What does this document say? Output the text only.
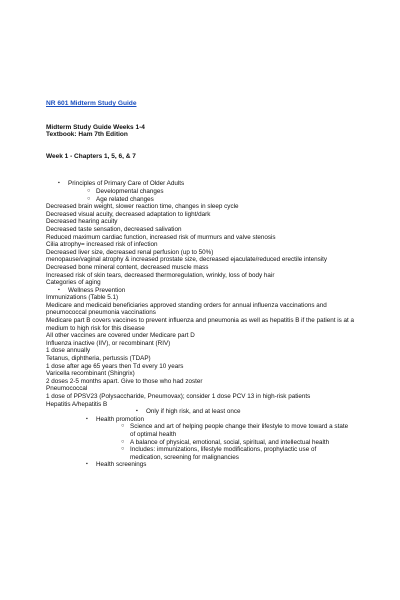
NR 601 Midterm Study Guide
Midterm Study Guide Weeks 1-4
Textbook: Ham 7th Edition
Week 1 - Chapters 1, 5, 6, & 7
▪ Principles of Primary Care of Older Adults
○ Developmental changes
○ Age related changes
Decreased brain weight, slower reaction time, changes in sleep cycle
Decreased visual acuity, decreased adaptation to light/dark
Decreased hearing acuity
Decreased taste sensation, decreased salivation
Reduced maximum cardiac function, increased risk of murmurs and valve stenosis
Cilia atrophy= increased risk of infection
Decreased liver size, decreased renal perfusion (up to 50%)
menopause/vaginal atrophy & increased prostate size, decreased ejaculate/reduced erectile intensity
Decreased bone mineral content, decreased muscle mass
Increased risk of skin tears, decreased thermoregulation, wrinkly, loss of body hair
Categories of aging
▪ Wellness Prevention
Immunizations (Table 5.1)
Medicare and medicaid beneficiaries approved standing orders for annual influenza vaccinations and pneumococcal pneumonia vaccinations
Medicare part B covers vaccines to prevent influenza and pneumonia as well as hepatitis B if the patient is at a medium to high risk for this disease
All other vaccines are covered under Medicare part D
Influenza inactive (IIV), or recombinant (RIV)
1 dose annually
Tetanus, diphtheria, pertussis (TDAP)
1 dose after age 65 years then Td every 10 years
Varicella recombinant (Shingrix)
2 doses 2-5 months apart. Give to those who had zoster
Pneumococcal
1 dose of PPSV23 (Polysaccharide, Pneumovax); consider 1 dose PCV 13 in high-risk patients
Hepatitis A/hepatitis B
▪ Only if high risk, and at least once
▪ Health promotion
○ Science and art of helping people change their lifestyle to move toward a state of optimal health
○ A balance of physical, emotional, social, spiritual, and intellectual health
○ Includes: immunizations, lifestyle modifications, prophylactic use of medication, screening for malignancies
▪ Health screenings
